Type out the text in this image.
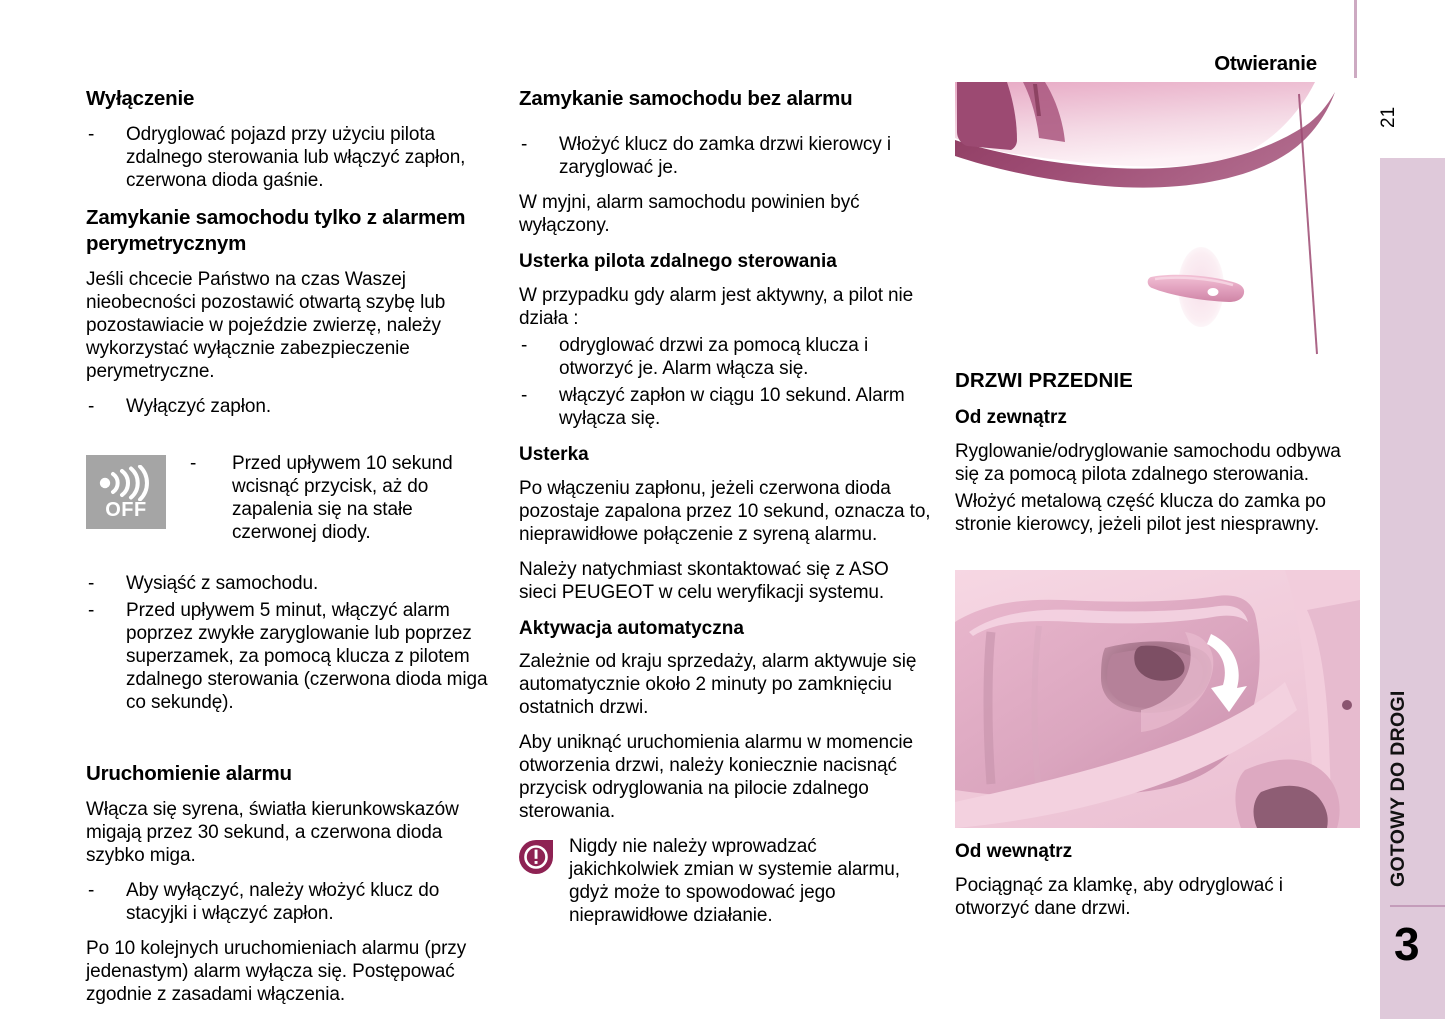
Otwieranie
21
GOTOWY DO DROGI
3
Wyłączenie
- Odryglować pojazd przy użyciu pilota zdalnego sterowania lub włączyć zapłon, czerwona dioda gaśnie.
Zamykanie samochodu tylko z alarmem perymetrycznym

Jeśli chcecie Państwo na czas Waszej nieobecności pozostawić otwartą szybę lub pozostawiacie w pojeździe zwierzę, należy wykorzystać wyłącznie zabezpieczenie perymetryczne.

- Wyłączyć zapłon.
OFF
- Przed upływem 10 sekund wcisnąć przycisk, aż do zapalenia się na stałe czerwonej diody.
- Wysiąść z samochodu.
- Przed upływem 5 minut, włączyć alarm poprzez zwykłe zaryglowanie lub poprzez superzamek, za pomocą klucza z pilotem zdalnego sterowania (czerwona dioda miga co sekundę).
Uruchomienie alarmu

Włącza się syrena, światła kierunkowskazów migają przez 30 sekund, a czerwona dioda szybko miga.

- Aby wyłączyć, należy włożyć klucz do stacyjki i włączyć zapłon.

Po 10 kolejnych uruchomieniach alarmu (przy jedenastym) alarm wyłącza się. Postępować zgodnie z zasadami włączenia.

Zamykanie samochodu bez alarmu
- Włożyć klucz do zamka drzwi kierowcy i zaryglować je.

W myjni, alarm samochodu powinien być wyłączony.

Usterka pilota zdalnego sterowania

W przypadku gdy alarm jest aktywny, a pilot nie działa :

- odryglować drzwi za pomocą klucza i otworzyć je. Alarm włącza się.
- włączyć zapłon w ciągu 10 sekund. Alarm wyłącza się.
Usterka

Po włączeniu zapłonu, jeżeli czerwona dioda pozostaje zapalona przez 10 sekund, oznacza to, nieprawidłowe połączenie z syreną alarmu.

Należy natychmiast skontaktować się z ASO sieci PEUGEOT w celu weryfikacji systemu.

Aktywacja automatyczna

Zależnie od kraju sprzedaży, alarm aktywuje się automatycznie około 2 minuty po zamknięciu ostatnich drzwi.

Aby uniknąć uruchomienia alarmu w momencie otworzenia drzwi, należy koniecznie nacisnąć przycisk odryglowania na pilocie zdalnego sterowania.

Nigdy nie należy wprowadzać jakichkolwiek zmian w systemie alarmu, gdyż może to spowodować jego nieprawidłowe działanie.
DRZWI PRZEDNIE
Od zewnątrz

Ryglowanie/odryglowanie samochodu odbywa się za pomocą pilota zdalnego sterowania.

Włożyć metalową część klucza do zamka po stronie kierowcy, jeżeli pilot jest niesprawny.

Od wewnątrz

Pociągnąć za klamkę, aby odryglować i otworzyć dane drzwi.
